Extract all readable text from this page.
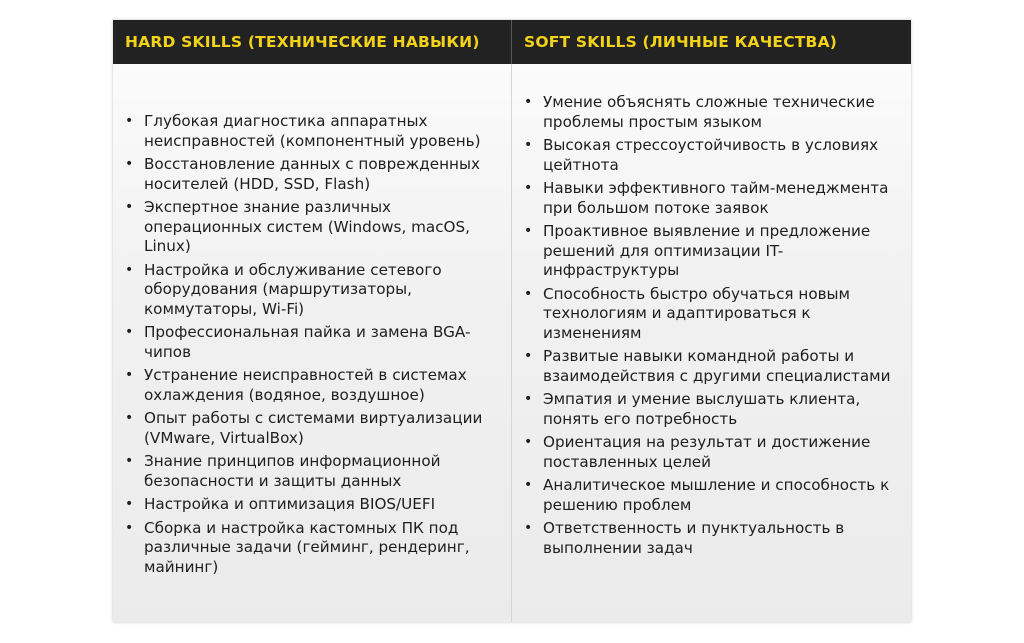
HARD SKILLS (ТЕХНИЧЕСКИЕ НАВЫКИ)	SOFT SKILLS (ЛИЧНЫЕ КАЧЕСТВА)
• Глубокая диагностика аппаратных неисправностей (компонентный уровень)
• Восстановление данных с поврежденных носителей (HDD, SSD, Flash)
• Экспертное знание различных операционных систем (Windows, macOS, Linux)
• Настройка и обслуживание сетевого оборудования (маршрутизаторы, коммутаторы, Wi-Fi)
• Профессиональная пайка и замена BGA-чипов
• Устранение неисправностей в системах охлаждения (водяное, воздушное)
• Опыт работы с системами виртуализации (VMware, VirtualBox)
• Знание принципов информационной безопасности и защиты данных
• Настройка и оптимизация BIOS/UEFI
• Сборка и настройка кастомных ПК под различные задачи (гейминг, рендеринг, майнинг)
• Умение объяснять сложные технические проблемы простым языком
• Высокая стрессоустойчивость в условиях цейтнота
• Навыки эффективного тайм-менеджмента при большом потоке заявок
• Проактивное выявление и предложение решений для оптимизации IT-инфраструктуры
• Способность быстро обучаться новым технологиям и адаптироваться к изменениям
• Развитые навыки командной работы и взаимодействия с другими специалистами
• Эмпатия и умение выслушать клиента, понять его потребность
• Ориентация на результат и достижение поставленных целей
• Аналитическое мышление и способность к решению проблем
• Ответственность и пунктуальность в выполнении задач
